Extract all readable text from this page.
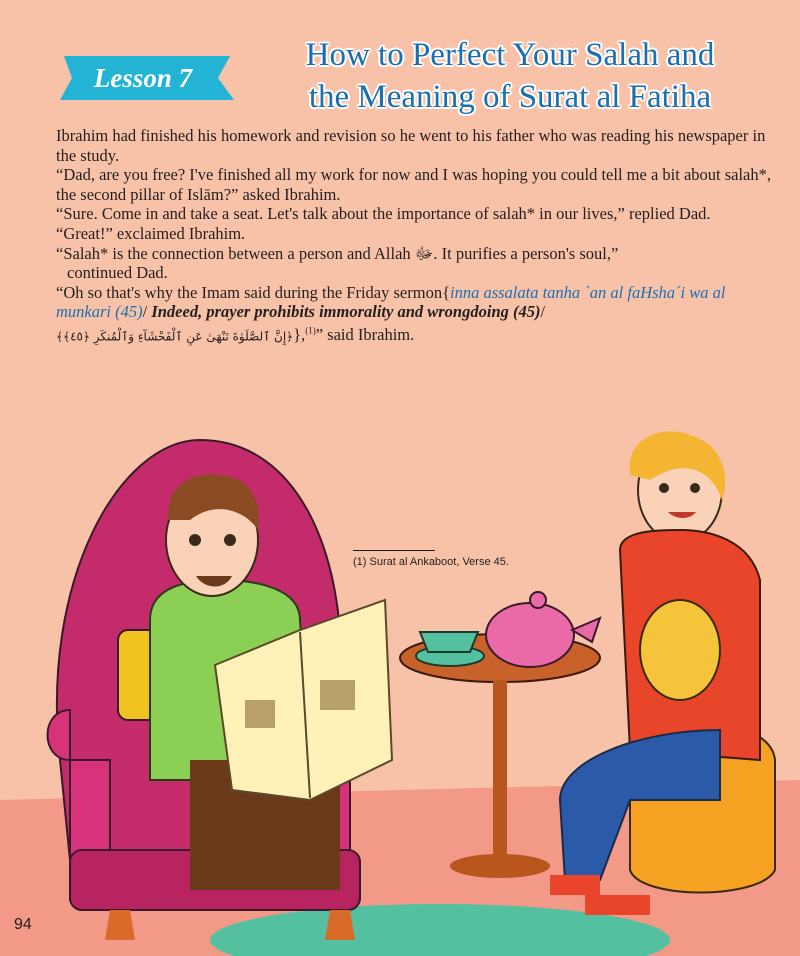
Lesson 7
How to Perfect Your Salah and
the Meaning of Surat al Fatiha

Ibrahim had finished his homework and revision so he went to his father who was reading his newspaper in the study.

“Dad, are you free? I've finished all my work for now and I was hoping you could tell me a bit about salah*, the second pillar of Islām?” asked Ibrahim.

“Sure. Come in and take a seat. Let's talk about the importance of salah* in our lives,” replied Dad.

“Great!” exclaimed Ibrahim.

“Salah* is the connection between a person and Allah ﷻ. It purifies a person's soul,”

continued Dad.

“Oh so that's why the Imam said during the Friday sermon{inna assalata tanha `an al faHsha´i wa al munkari (45)/ Indeed, prayer prohibits immorality and wrongdoing (45)/
﴿إِنَّ ٱلصَّلَوٰةَ تَنْهَىٰ عَنِ ٱلْفَحْشَآءِ وَٱلْمُنكَرِ ﴿٤٥﴾﴾},$^{(1)}$” said Ibrahim.

(1) Surat al Ankaboot, Verse 45.
94
